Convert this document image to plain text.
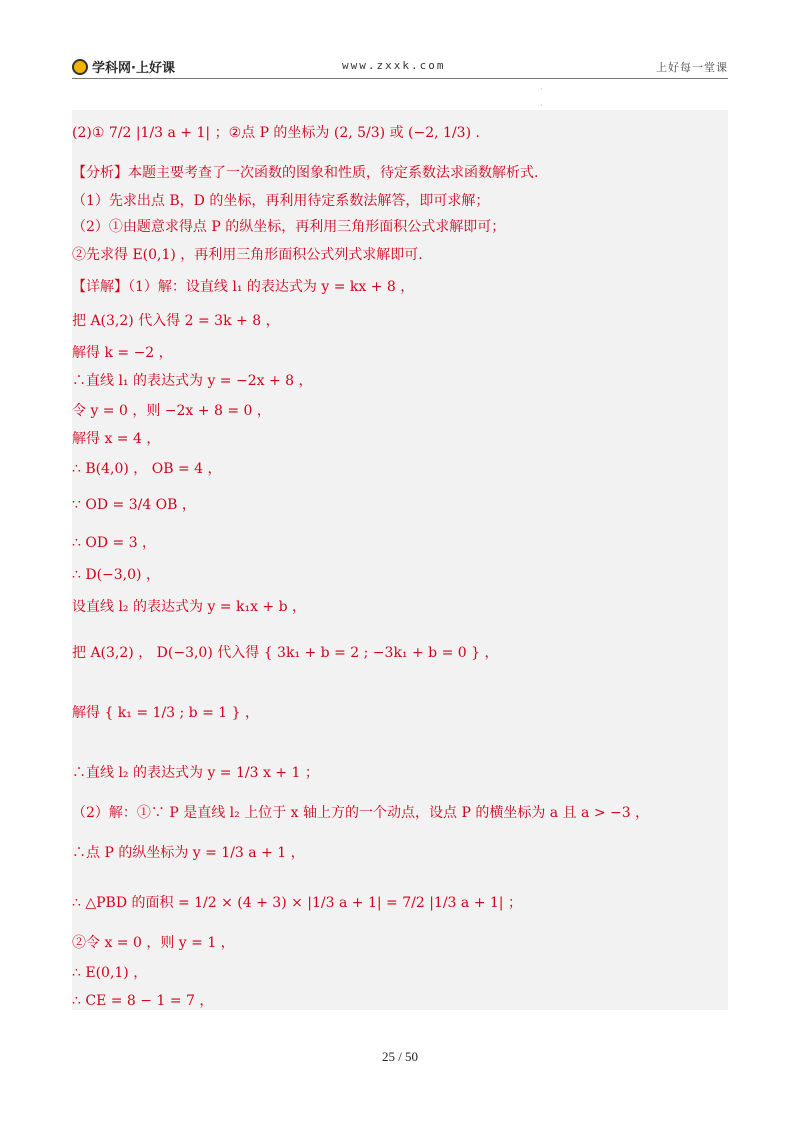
学科网·上好课	www.zxxk.com	上好每一堂课
·

·
(2)① 7/2 |1/3 a + 1| ；②点 P 的坐标为 (2, 5/3) 或 (−2, 1/3) .
【分析】本题主要考查了一次函数的图象和性质，待定系数法求函数解析式.
（1）先求出点 B，D 的坐标，再利用待定系数法解答，即可求解；
（2）①由题意求得点 P 的纵坐标，再利用三角形面积公式求解即可；
②先求得 E(0,1) ，再利用三角形面积公式列式求解即可.
【详解】（1）解：设直线 l₁ 的表达式为 y = kx + 8 ，
把 A(3,2) 代入得 2 = 3k + 8 ，
解得 k = −2 ，
∴直线 l₁ 的表达式为 y = −2x + 8 ，
令 y = 0 ，则 −2x + 8 = 0 ，
解得 x = 4 ，
∴ B(4,0) ， OB = 4 ，
∵ OD = 3/4 OB ，
∴ OD = 3 ，
∴ D(−3,0) ，
设直线 l₂ 的表达式为 y = k₁x + b ，
把 A(3,2) ， D(−3,0) 代入得 { 3k₁ + b = 2 ; −3k₁ + b = 0 } ，
解得 { k₁ = 1/3 ; b = 1 } ，
∴直线 l₂ 的表达式为 y = 1/3 x + 1 ；
（2）解：①∵ P 是直线 l₂ 上位于 x 轴上方的一个动点，设点 P 的横坐标为 a 且 a > −3 ，
∴点 P 的纵坐标为 y = 1/3 a + 1 ，
∴ △PBD 的面积 = 1/2 × (4 + 3) × |1/3 a + 1| = 7/2 |1/3 a + 1| ；
②令 x = 0 ，则 y = 1 ，
∴ E(0,1) ，
∴ CE = 8 − 1 = 7 ，
25 / 50
